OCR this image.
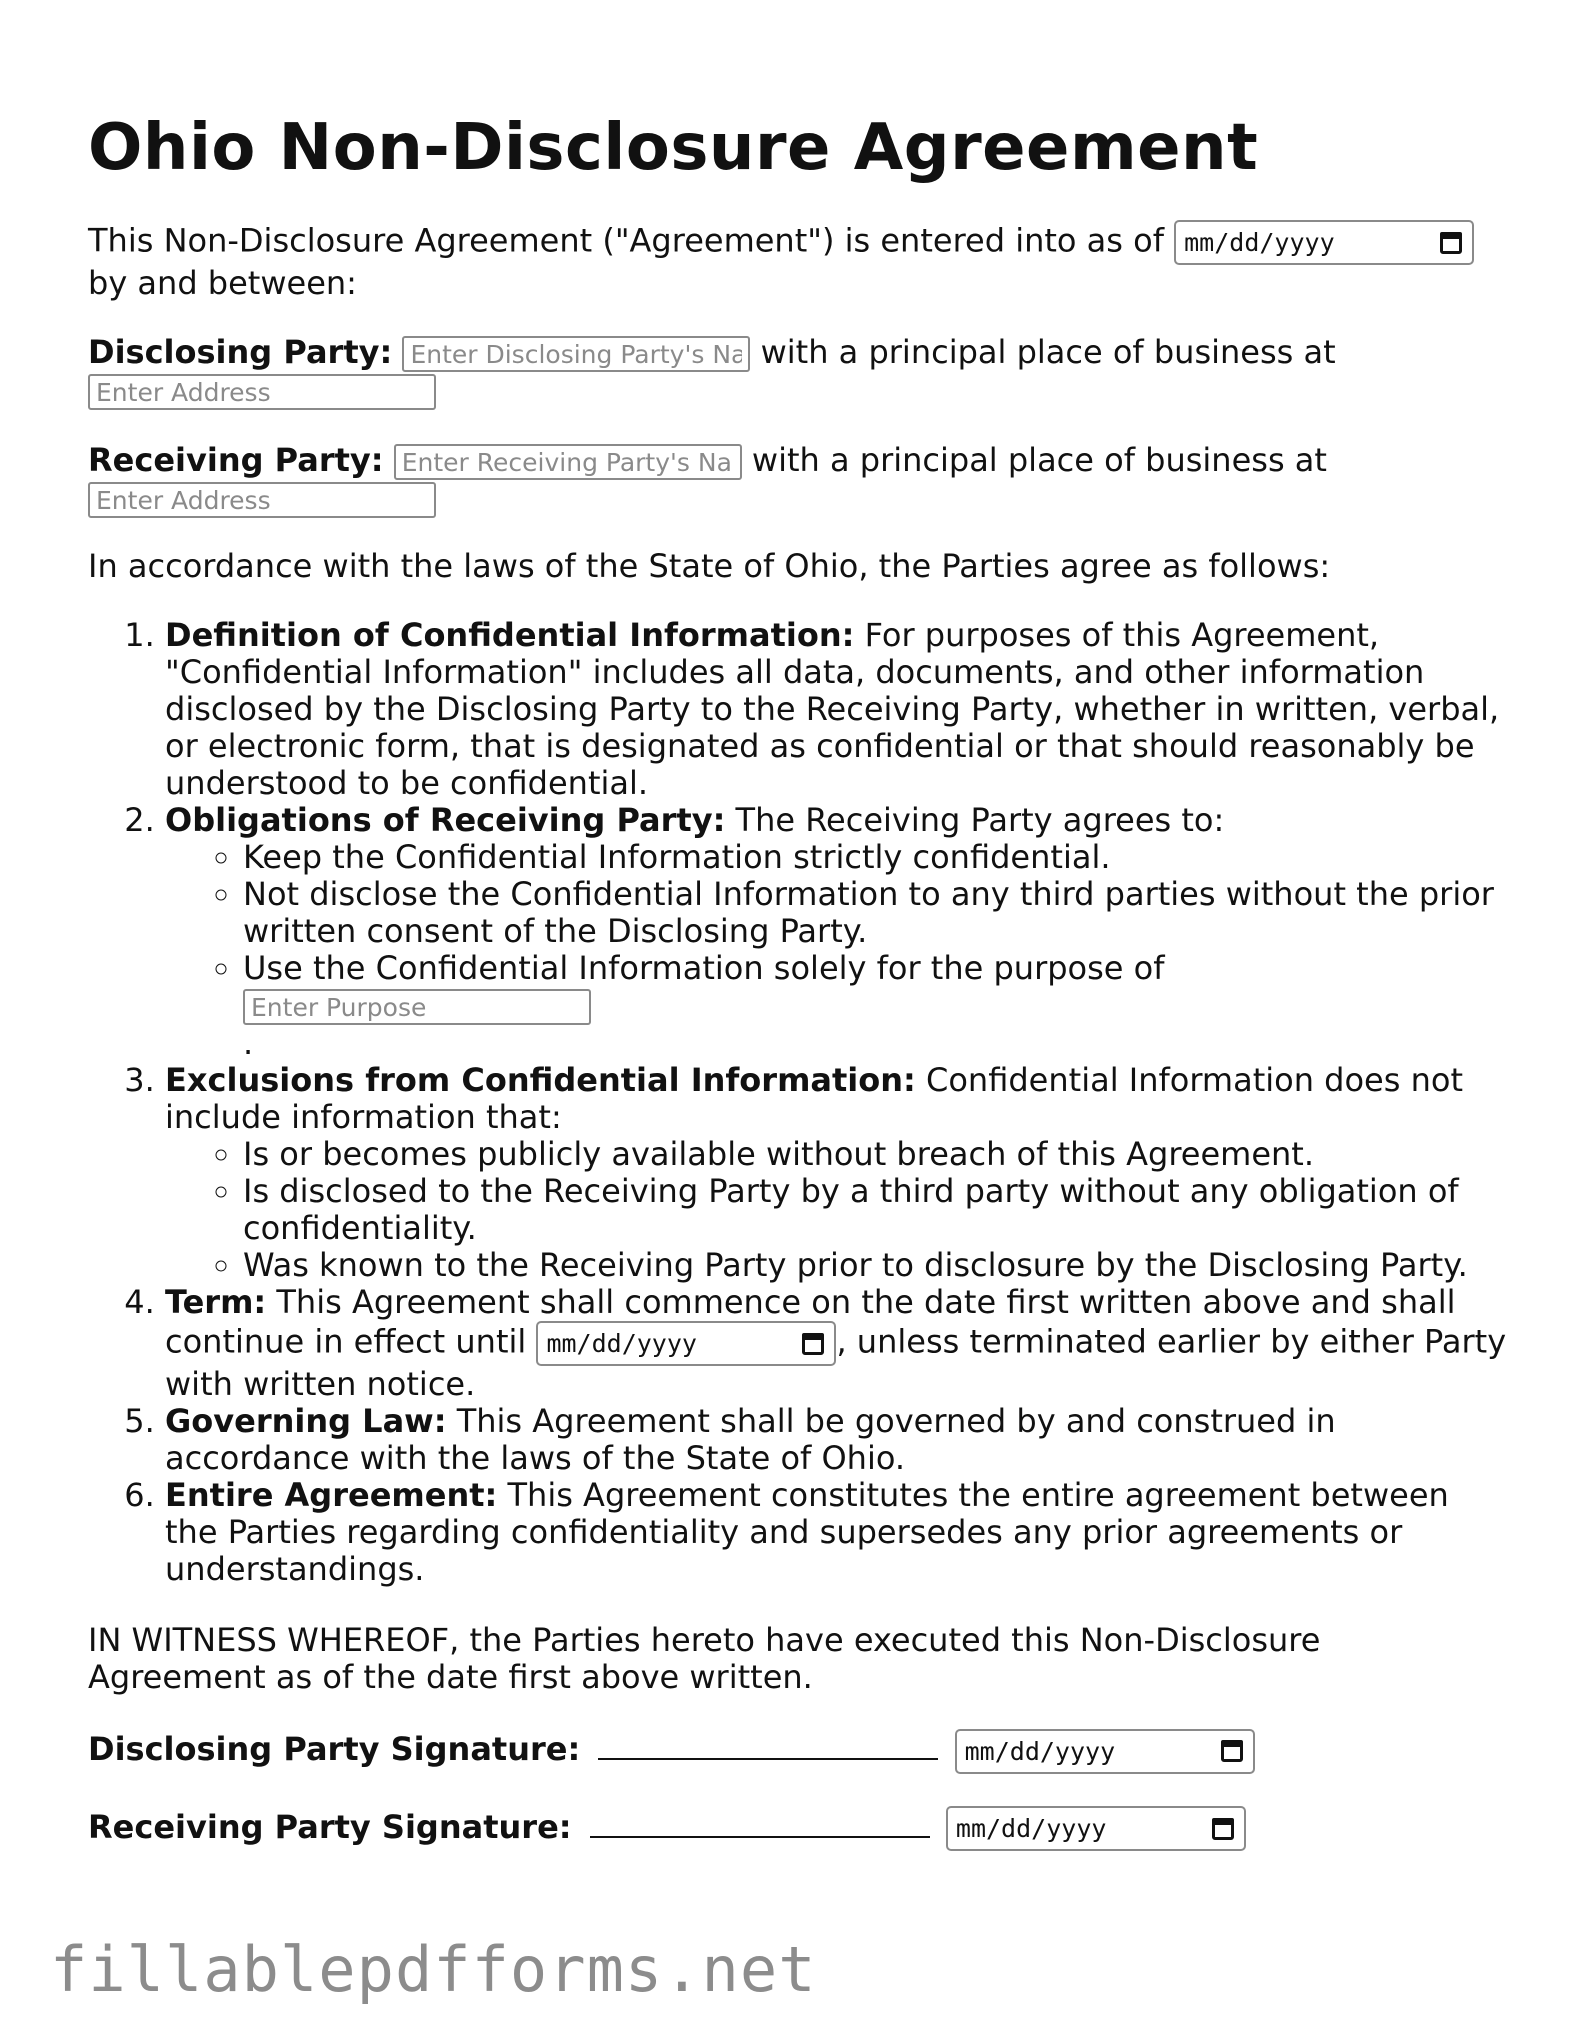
Ohio Non-Disclosure Agreement

This Non-Disclosure Agreement ("Agreement") is entered into as of mm/dd/yyyy
by and between:

Disclosing Party: Enter Disclosing Party's Name	with a principal place of business at Enter Address

Receiving Party: Enter Receiving Party's Name	with a principal place of business at Enter Address

In accordance with the laws of the State of Ohio, the Parties agree as follows:

1. Definition of Confidential Information: For purposes of this Agreement, "Confidential Information" includes all data, documents, and other information disclosed by the Disclosing Party to the Receiving Party, whether in written, verbal, or electronic form, that is designated as confidential or that should reasonably be understood to be confidential.
2. Obligations of Receiving Party: The Receiving Party agrees to:
◦ Keep the Confidential Information strictly confidential.
◦ Not disclose the Confidential Information to any third parties without the prior written consent of the Disclosing Party.
◦ Use the Confidential Information solely for the purpose of Enter Purpose
.
3. Exclusions from Confidential Information: Confidential Information does not include information that:
◦ Is or becomes publicly available without breach of this Agreement.
◦ Is disclosed to the Receiving Party by a third party without any obligation of confidentiality.
◦ Was known to the Receiving Party prior to disclosure by the Disclosing Party.
4. Term: This Agreement shall commence on the date first written above and shall continue in effect until mm/dd/yyyy	, unless terminated earlier by either Party with written notice.
5. Governing Law: This Agreement shall be governed by and construed in accordance with the laws of the State of Ohio.
6. Entire Agreement: This Agreement constitutes the entire agreement between the Parties regarding confidentiality and supersedes any prior agreements or understandings.

IN WITNESS WHEREOF, the Parties hereto have executed this Non-Disclosure Agreement as of the date first above written.

Disclosing Party Signature:	mm/dd/yyyy

Receiving Party Signature:	mm/dd/yyyy

fillablepdfforms.net
